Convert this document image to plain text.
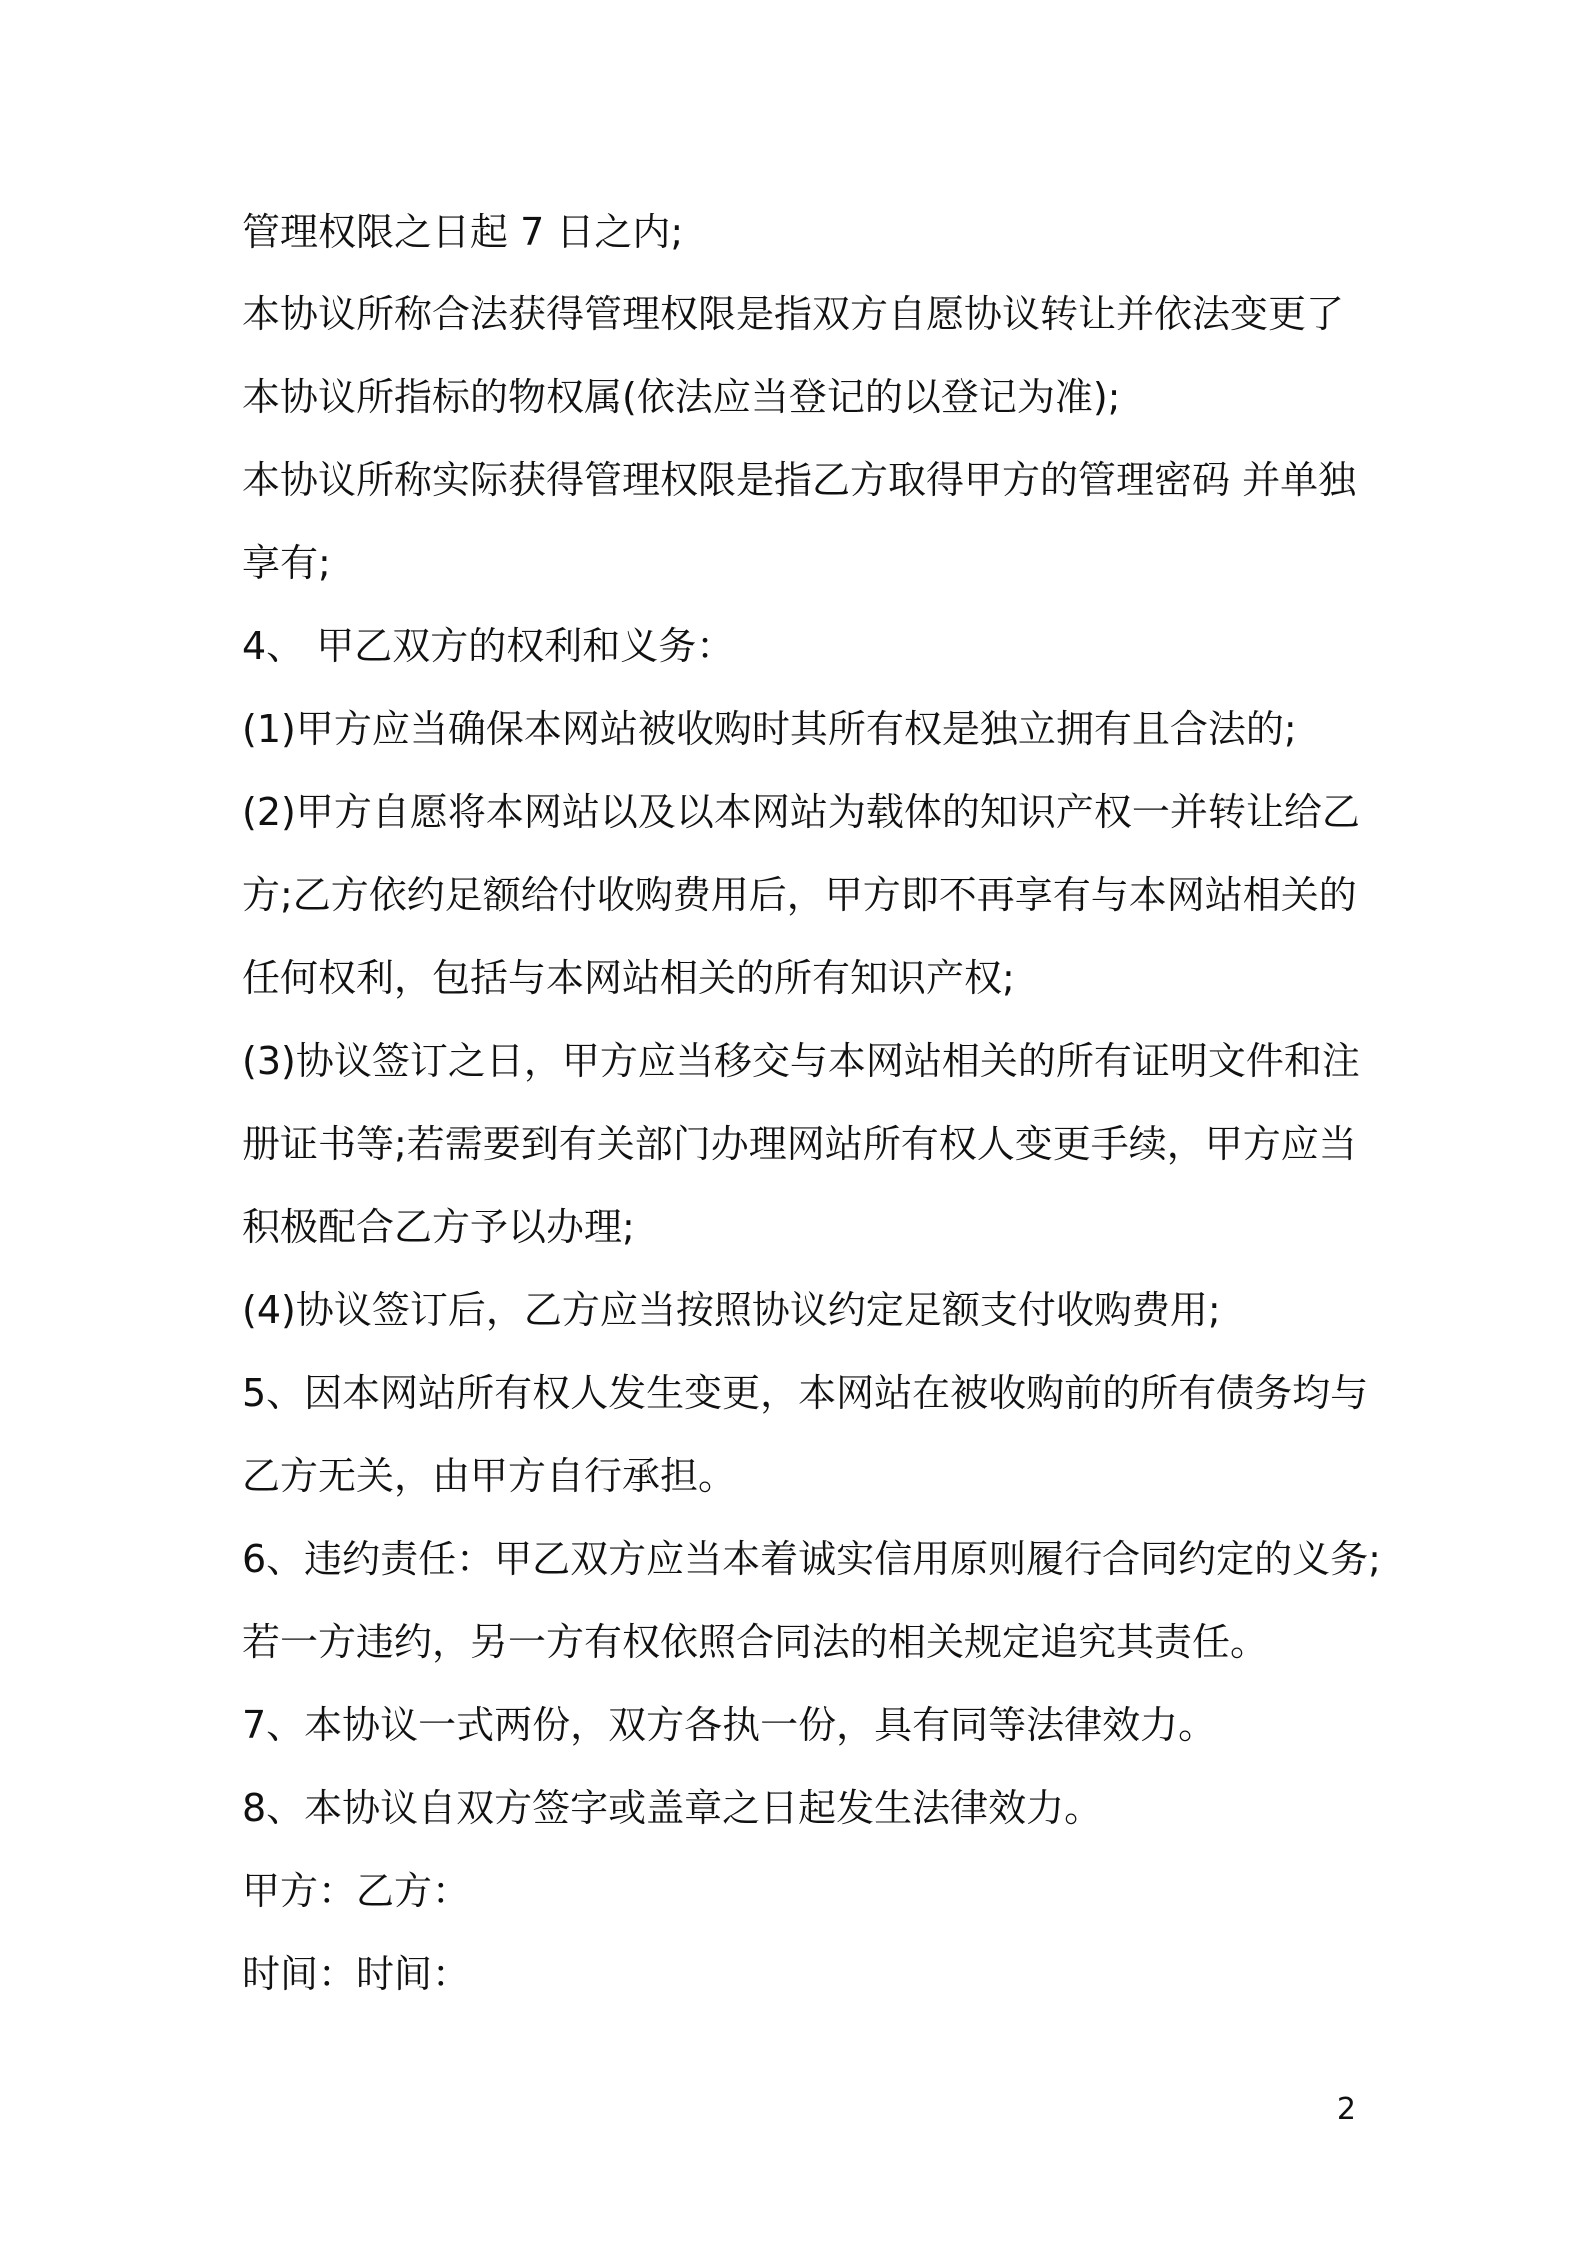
管理权限之日起 7 日之内;
本协议所称合法获得管理权限是指双方自愿协议转让并依法变更了
本协议所指标的物权属(依法应当登记的以登记为准);
本协议所称实际获得管理权限是指乙方取得甲方的管理密码 并单独
享有;
4、 甲乙双方的权利和义务：
(1)甲方应当确保本网站被收购时其所有权是独立拥有且合法的;
(2)甲方自愿将本网站以及以本网站为载体的知识产权一并转让给乙
方;乙方依约足额给付收购费用后，甲方即不再享有与本网站相关的
任何权利，包括与本网站相关的所有知识产权;
(3)协议签订之日，甲方应当移交与本网站相关的所有证明文件和注
册证书等;若需要到有关部门办理网站所有权人变更手续，甲方应当
积极配合乙方予以办理;
(4)协议签订后，乙方应当按照协议约定足额支付收购费用;
5、因本网站所有权人发生变更，本网站在被收购前的所有债务均与
乙方无关，由甲方自行承担。
6、违约责任：甲乙双方应当本着诚实信用原则履行合同约定的义务;
若一方违约，另一方有权依照合同法的相关规定追究其责任。
7、本协议一式两份，双方各执一份，具有同等法律效力。
8、本协议自双方签字或盖章之日起发生法律效力。
甲方：乙方：
时间：时间：
2
